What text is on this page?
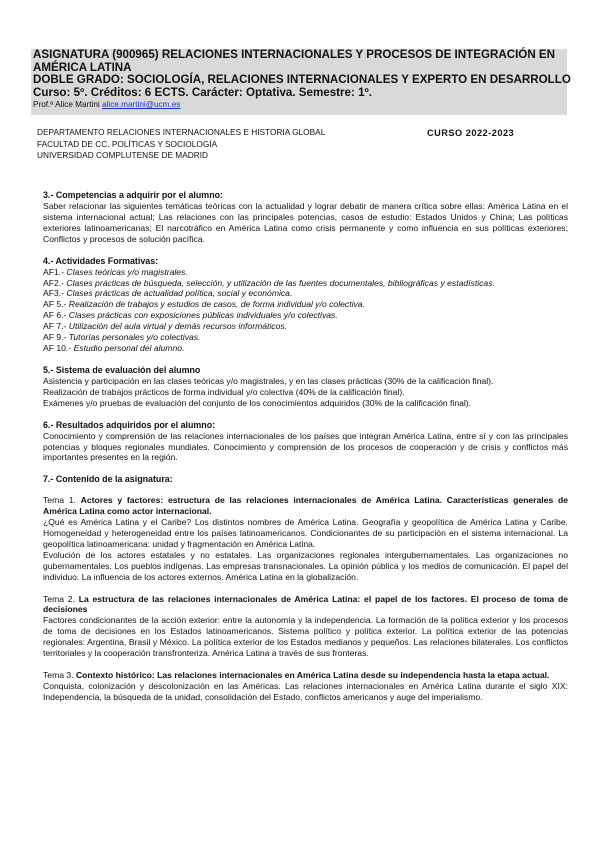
ASIGNATURA (900965) RELACIONES INTERNACIONALES Y PROCESOS DE INTEGRACIÓN EN
AMÉRICA LATINA
DOBLE GRADO: SOCIOLOGÍA, RELACIONES INTERNACIONALES Y EXPERTO EN DESARROLLO
Curso: 5º. Créditos: 6 ECTS. Carácter: Optativa. Semestre: 1º.
Prof.ª Alice Martini alice.martini@ucm.es
DEPARTAMENTO RELACIONES INTERNACIONALES E HISTORIA GLOBAL
FACULTAD DE CC. POLÍTICAS Y SOCIOLOGÍA
UNIVERSIDAD COMPLUTENSE DE MADRID
CURSO 2022-2023
3.- Competencias a adquirir por el alumno:

Saber relacionar las siguientes temáticas teóricas con la actualidad y lograr debatir de manera crítica sobre ellas: América Latina en el sistema internacional actual; Las relaciones con las principales potencias, casos de estudio: Estados Unidos y China; Las políticas exteriores latinoamericanas; El narcotráfico en América Latina como crisis permanente y como influencia en sus políticas exteriores; Conflictos y procesos de solución pacífica.

4.- Actividades Formativas:
AF1.- Clases teóricas y/o magistrales.
AF2.- Clases prácticas de búsqueda, selección, y utilización de las fuentes documentales, bibliográficas y estadísticas.
AF3.- Clases prácticas de actualidad política, social y económica.
AF 5.- Realización de trabajos y estudios de casos, de forma individual y/o colectiva.
AF 6.- Clases prácticas con exposiciones públicas individuales y/o colectivas.
AF 7.- Utilización del aula virtual y demás recursos informáticos.
AF 9.- Tutorías personales y/o colectivas.
AF 10.- Estudio personal del alumno.
5.- Sistema de evaluación del alumno

Asistencia y participación en las clases teóricas y/o magistrales, y en las clases prácticas (30% de la calificación final).

Realización de trabajos prácticos de forma individual y/o colectiva (40% de la calificación final).

Exámenes y/o pruebas de evaluación del conjunto de los conocimientos adquiridos (30% de la calificación final).

6.- Resultados adquiridos por el alumno:

Conocimiento y comprensión de las relaciones internacionales de los países que integran América Latina, entre sí y con las principales potencias y bloques regionales mundiales. Conocimiento y comprensión de los procesos de cooperación y de crisis y conflictos más importantes presentes en la región.

7.- Contenido de la asignatura:

Tema 1. Actores y factores: estructura de las relaciones internacionales de América Latina. Características generales de América Latina como actor internacional.

¿Qué es América Latina y el Caribe? Los distintos nombres de América Latina. Geografía y geopolítica de América Latina y Caribe. Homogeneidad y heterogeneidad entre los países latinoamericanos. Condicionantes de su participación en el sistema internacional. La geopolítica latinoamericana: unidad y fragmentación en América Latina.

Evolución de los actores estatales y no estatales. Las organizaciones regionales intergubernamentales. Las organizaciones no gubernamentales. Los pueblos indígenas. Las empresas transnacionales. La opinión pública y los medios de comunicación. El papel del individuo. La influencia de los actores externos. América Latina en la globalización.

Tema 2. La estructura de las relaciones internacionales de América Latina: el papel de los factores. El proceso de toma de decisiones

Factores condicionantes de la acción exterior: entre la autonomía y la independencia. La formación de la política exterior y los procesos de toma de decisiones en los Estados latinoamericanos. Sistema político y política exterior. La política exterior de las potencias regionales: Argentina, Brasil y México. La política exterior de los Estados medianos y pequeños. Las relaciones bilaterales. Los conflictos territoriales y la cooperación transfronteriza. América Latina a través de sus fronteras.

Tema 3. Contexto histórico: Las relaciones internacionales en América Latina desde su independencia hasta la etapa actual.

Conquista, colonización y descolonización en las Américas. Las relaciones internacionales en América Latina durante el siglo XIX: Independencia, la búsqueda de la unidad, consolidación del Estado, conflictos americanos y auge del imperialismo.
